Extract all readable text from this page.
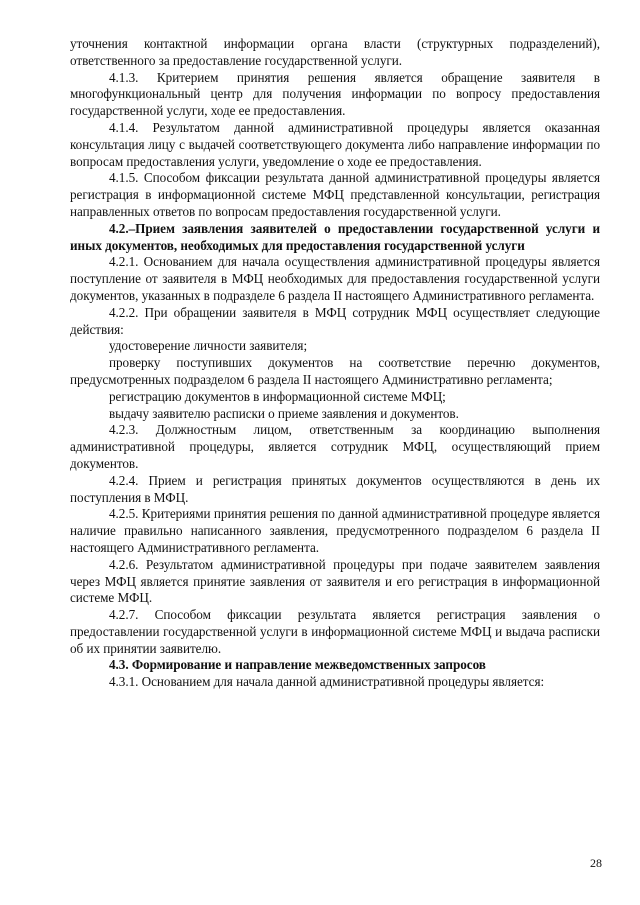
уточнения контактной информации органа власти (структурных подразделений), ответственного за предоставление государственной услуги.

4.1.3. Критерием принятия решения является обращение заявителя в многофункциональный центр для получения информации по вопросу предоставления государственной услуги, ходе ее предоставления.

4.1.4. Результатом данной административной процедуры является оказанная консультация лицу с выдачей соответствующего документа либо направление информации по вопросам предоставления услуги, уведомление о ходе ее предоставления.

4.1.5. Способом фиксации результата данной административной процедуры является регистрация в информационной системе МФЦ представленной консультации, регистрация направленных ответов по вопросам предоставления государственной услуги.

4.2.–Прием заявления заявителей о предоставлении государственной услуги и иных документов, необходимых для предоставления государственной услуги

4.2.1. Основанием для начала осуществления административной процедуры является поступление от заявителя в МФЦ необходимых для предоставления государственной услуги документов, указанных в подразделе 6 раздела II настоящего Административного регламента.

4.2.2. При обращении заявителя в МФЦ сотрудник МФЦ осуществляет следующие действия:

удостоверение личности заявителя;

проверку поступивших документов на соответствие перечню документов, предусмотренных подразделом 6 раздела II настоящего Административно регламента;

регистрацию документов в информационной системе МФЦ;

выдачу заявителю расписки о приеме заявления и документов.

4.2.3. Должностным лицом, ответственным за координацию выполнения административной процедуры, является сотрудник МФЦ, осуществляющий прием документов.

4.2.4. Прием и регистрация принятых документов осуществляются в день их поступления в МФЦ.

4.2.5. Критериями принятия решения по данной административной процедуре является наличие правильно написанного заявления, предусмотренного подразделом 6 раздела II настоящего Административного регламента.

4.2.6. Результатом административной процедуры при подаче заявителем заявления через МФЦ является принятие заявления от заявителя и его регистрация в информационной системе МФЦ.

4.2.7. Способом фиксации результата является регистрация заявления о предоставлении государственной услуги в информационной системе МФЦ и выдача расписки об их принятии заявителю.

4.3. Формирование и направление межведомственных запросов

4.3.1. Основанием для начала данной административной процедуры является:

28
